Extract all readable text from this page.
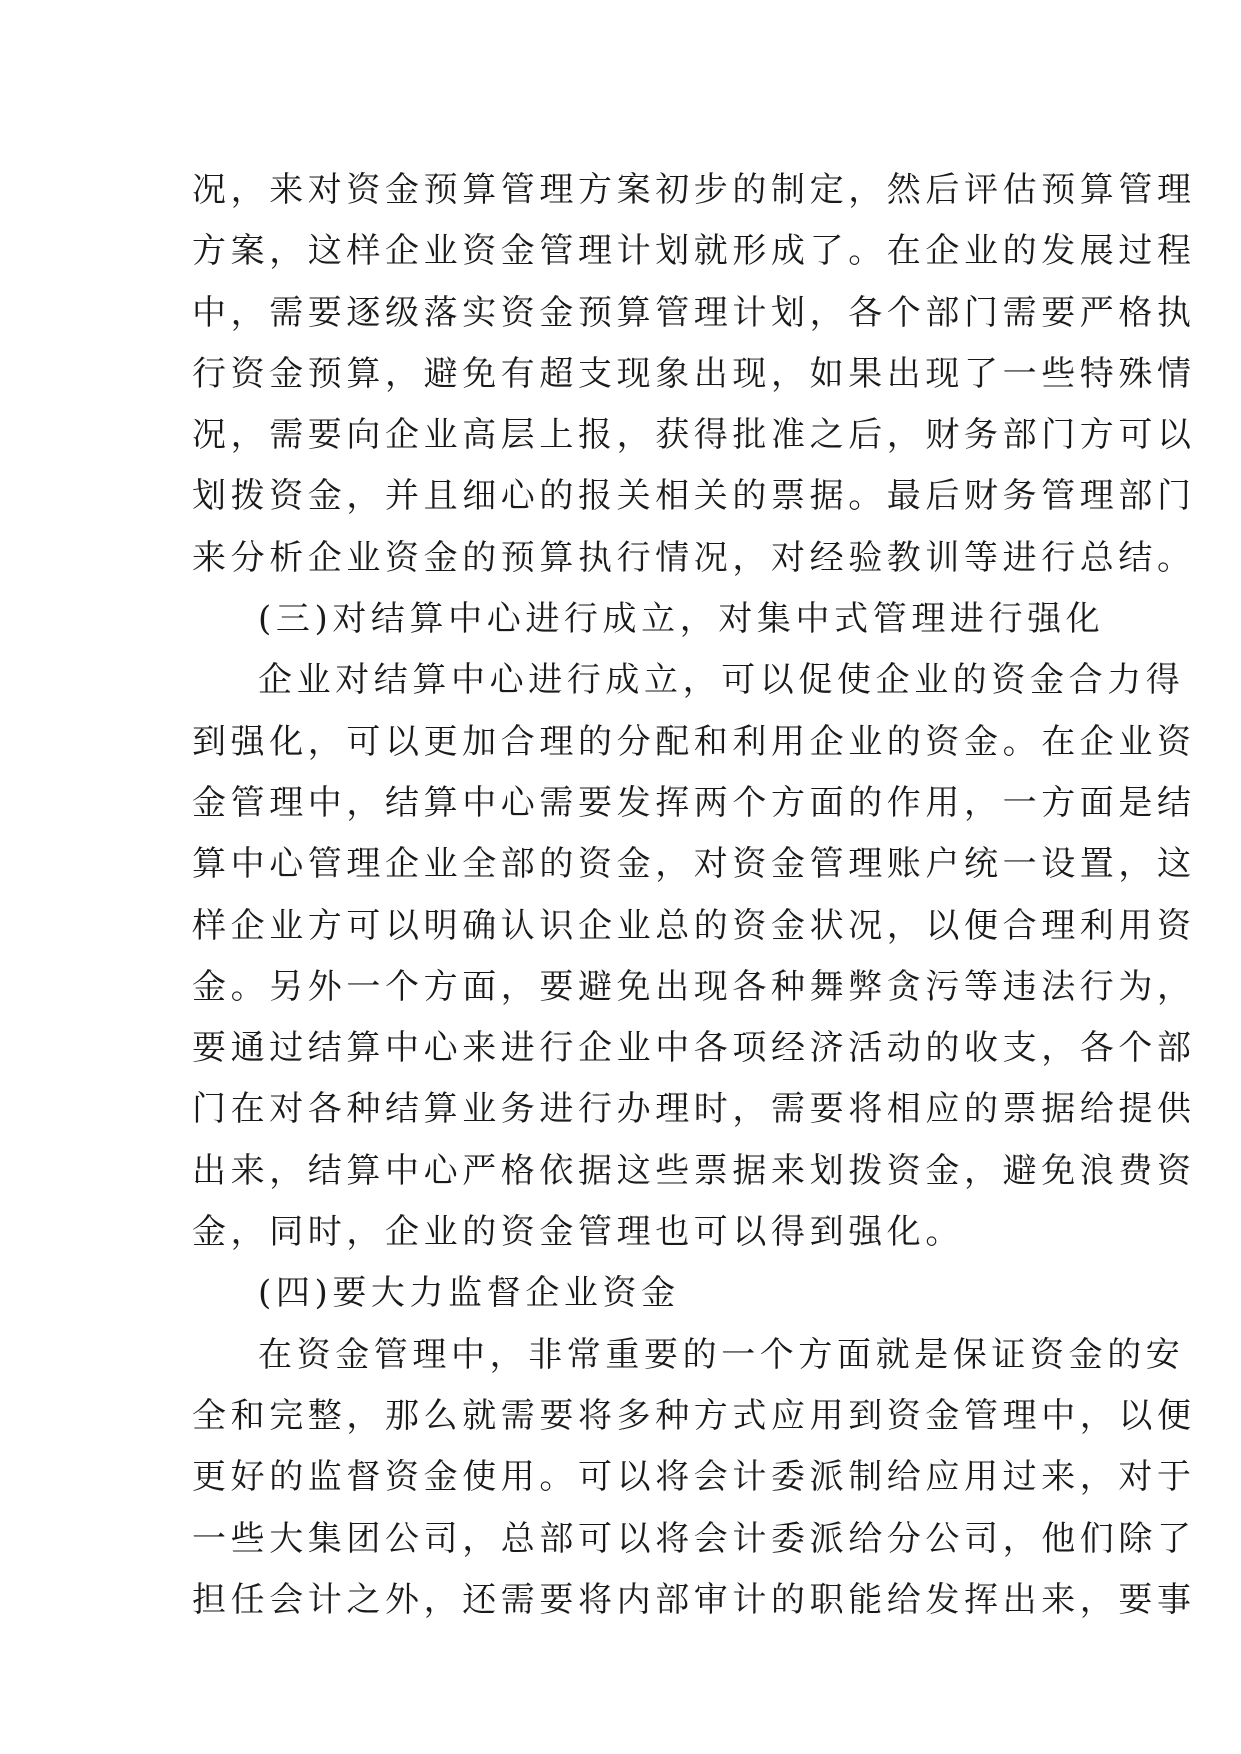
况，来对资金预算管理方案初步的制定，然后评估预算管理
方案，这样企业资金管理计划就形成了。在企业的发展过程
中，需要逐级落实资金预算管理计划，各个部门需要严格执
行资金预算，避免有超支现象出现，如果出现了一些特殊情
况，需要向企业高层上报，获得批准之后，财务部门方可以
划拨资金，并且细心的报关相关的票据。最后财务管理部门
来分析企业资金的预算执行情况，对经验教训等进行总结。
(三)对结算中心进行成立，对集中式管理进行强化
企业对结算中心进行成立，可以促使企业的资金合力得
到强化，可以更加合理的分配和利用企业的资金。在企业资
金管理中，结算中心需要发挥两个方面的作用，一方面是结
算中心管理企业全部的资金，对资金管理账户统一设置，这
样企业方可以明确认识企业总的资金状况，以便合理利用资
金。另外一个方面，要避免出现各种舞弊贪污等违法行为，
要通过结算中心来进行企业中各项经济活动的收支，各个部
门在对各种结算业务进行办理时，需要将相应的票据给提供
出来，结算中心严格依据这些票据来划拨资金，避免浪费资
金，同时，企业的资金管理也可以得到强化。
(四)要大力监督企业资金
在资金管理中，非常重要的一个方面就是保证资金的安
全和完整，那么就需要将多种方式应用到资金管理中，以便
更好的监督资金使用。可以将会计委派制给应用过来，对于
一些大集团公司，总部可以将会计委派给分公司，他们除了
担任会计之外，还需要将内部审计的职能给发挥出来，要事
